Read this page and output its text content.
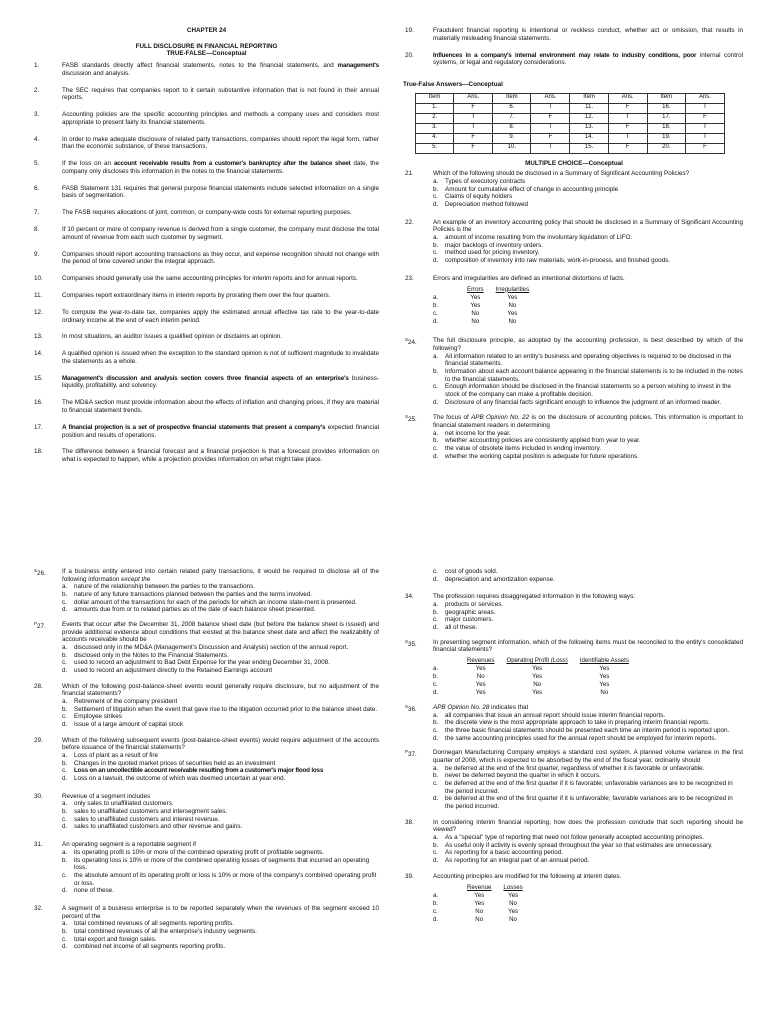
CHAPTER 24
FULL DISCLOSURE IN FINANCIAL REPORTING
TRUE-FALSE—Conceptual
1.	FASB standards directly affect financial statements, notes to the financial statements, and management's discussion and analysis.
2.	The SEC requires that companies report to it certain substantive information that is not found in their annual reports.
3.	Accounting policies are the specific accounting principles and methods a company uses and considers most appropriate to present fairly its financial statements.
4.	In order to make adequate disclosure of related party transactions, companies should report the legal form, rather than the economic substance, of these transactions.
5.	If the loss on an account receivable results from a customer's bankruptcy after the balance sheet date, the company only discloses this information in the notes to the financial statements.
6.	FASB Statement 131 requires that general purpose financial statements include selected information on a single basis of segmentation.
7.	The FASB requires allocations of joint, common, or company-wide costs for external reporting purposes.
8.	If 10 percent or more of company revenue is derived from a single customer, the company must disclose the total amount of revenue from each such customer by segment.
9.	Companies should report accounting transactions as they occur, and expense recognition should not change with the period of time covered under the integral approach.
10.	Companies should generally use the same accounting principles for interim reports and for annual reports.
11.	Companies report extraordinary items in interim reports by prorating them over the four quarters.
12.	To compute the year-to-date tax, companies apply the estimated annual effective tax rate to the year-to-date ordinary income at the end of each interim period.
13.	In most situations, an auditor issues a qualified opinion or disclaims an opinion.
14.	A qualified opinion is issued when the exception to the standard opinion is not of sufficient magnitude to invalidate the statements as a whole.
15.	Management's discussion and analysis section covers three financial aspects of an enterprise's business-liquidity, profitability, and solvency.
16.	The MD&A section must provide information about the effects of inflation and changing prices, if they are material to financial statement trends.
17.	A financial projection is a set of prospective financial statements that present a company's expected financial position and results of operations.
18.	The difference between a financial forecast and a financial projection is that a forecast provides information on what is expected to happen, while a projection provides information on what might take place.
19.	Fraudulent financial reporting is intentional or reckless conduct, whether act or omission, that results in materially misleading financial statements.
20.	Influences in a company's internal environment may relate to industry conditions, poor internal control systems, or legal and regulatory considerations.
True-False Answers—Conceptual
Item	Ans.	Item	Ans.	Item	Ans.	Item	Ans.
1.	F	6.	T	11.	F	16.	T
2.	T	7.	F	12.	T	17.	F
3.	T	8.	T	13.	F	18.	T
4.	F	9.	F	14.	T	19.	T
5.	F	10.	T	15.	F	20.	F
MULTIPLE CHOICE—Conceptual
21.	Which of the following should be disclosed in a Summary of Significant Accounting Policies?
a. Types of executory contracts
b. Amount for cumulative effect of change in accounting principle
c. Claims of equity holders
d. Depreciation method followed
22.	An example of an inventory accounting policy that should be disclosed in a Summary of Significant Accounting Policies is the
a. amount of income resulting from the involuntary liquidation of LIFO.
b. major backlogs of inventory orders.
c. method used for pricing inventory.
d. composition of inventory into raw materials, work-in-process, and finished goods.
23.	Errors and irregularities are defined as intentional distortions of facts.
	Errors	Irregularities
a.	Yes	Yes
b.	Yes	No
c.	No	Yes
d.	No	No
$^S$24.	The full disclosure principle, as adopted by the accounting profession, is best described by which of the following?
a. All information related to an entity's business and operating objectives is required to be disclosed in the financial statements.
b. Information about each account balance appearing in the financial statements is to be included in the notes to the financial statements.
c. Enough information should be disclosed in the financial statements so a person wishing to invest in the stock of the company can make a profitable decision.
d. Disclosure of any financial facts significant enough to influence the judgment of an informed reader.
$^S$25.	The focus of APB Opinion No. 22 is on the disclosure of accounting policies. This information is important to financial statement readers in determining
a. net income for the year.
b. whether accounting policies are consistently applied from year to year.
c. the value of obsolete items included in ending inventory.
d. whether the working capital position is adequate for future operations.
$^S$26.	If a business entity entered into certain related party transactions, it would be required to disclose all of the following information except the
a. nature of the relationship between the parties to the transactions.
b. nature of any future transactions planned between the parties and the terms involved.
c. dollar amount of the transactions for each of the periods for which an income state-ment is presented.
d. amounts due from or to related parties as of the date of each balance sheet presented.
$^P$27.	Events that occur after the December 31, 2008 balance sheet date (but before the balance sheet is issued) and provide additional evidence about conditions that existed at the balance sheet date and affect the realizability of accounts receivable should be
a. discussed only in the MD&A (Management's Discussion and Analysis) section of the annual report.
b. disclosed only in the Notes to the Financial Statements.
c. used to record an adjustment to Bad Debt Expense for the year ending December 31, 2008.
d. used to record an adjustment directly to the Retained Earnings account
28.	Which of the following post-balance-sheet events would generally require disclosure, but no adjustment of the financial statements?
a. Retirement of the company president
b. Settlement of litigation when the event that gave rise to the litigation occurred prior to the balance sheet date.
c. Employee strikes
d. Issue of a large amount of capital stock
29.	Which of the following subsequent events (post-balance-sheet events) would require adjustment of the accounts before issuance of the financial statements?
a. Loss of plant as a result of fire
b. Changes in the quoted market prices of securities held as an investment
c. Loss on an uncollectible account receivable resulting from a customer's major flood loss
d. Loss on a lawsuit, the outcome of which was deemed uncertain at year end.
30.	Revenue of a segment includes
a. only sales to unaffiliated customers.
b. sales to unaffiliated customers and intersegment sales.
c. sales to unaffiliated customers and interest revenue.
d. sales to unaffiliated customers and other revenue and gains.
31.	An operating segment is a reportable segment if
a. its operating profit is 10% or more of the combined operating profit of profitable segments.
b. its operating loss is 10% or more of the combined operating losses of segments that incurred an operating loss.
c. the absolute amount of its operating profit or loss is 10% or more of the company's combined operating profit or loss.
d. none of these.
32.	A segment of a business enterprise is to be reported separately when the revenues of the segment exceed 10 percent of the
a. total combined revenues of all segments reporting profits.
b. total combined revenues of all the enterprise's industry segments.
c. total export and foreign sales.
d. combined net income of all segments reporting profits.
c. cost of goods sold.
d. depreciation and amortization expense.
34.	The profession requires disaggregated information in the following ways:
a. products or services.
b. geographic areas.
c. major customers.
d. all of these.
$^S$35.	In presenting segment information, which of the following items must be reconciled to the entity's consolidated financial statements?
	Revenues	Operating Profit (Loss)	Identifiable Assets
a.	Yes	Yes	Yes
b.	No	Yes	Yes
c.	Yes	No	Yes
d.	Yes	Yes	No
$^S$36.	APB Opinion No. 28 indicates that
a. all companies that issue an annual report should issue interim financial reports.
b. the discrete view is the most appropriate approach to take in preparing interim financial reports.
c. the three basic financial statements should be presented each time an interim period is reported upon.
d. the same accounting principles used for the annual report should be employed for interim reports.
$^P$37.	Donnegan Manufacturing Company employs a standard cost system. A planned volume variance in the first quarter of 2008, which is expected to be absorbed by the end of the fiscal year, ordinarily should
a. be deferred at the end of the first quarter, regardless of whether it is favorable or unfavorable.
b. never be deferred beyond the quarter in which it occurs.
c. be deferred at the end of the first quarter if it is favorable; unfavorable variances are to be recognized in the period incurred.
d. be deferred at the end of the first quarter if it is unfavorable; favorable variances are to be recognized in the period incurred.
38.	In considering interim financial reporting, how does the profession conclude that such reporting should be viewed?
a. As a "special" type of reporting that need not follow generally accepted accounting principles.
b. As useful only if activity is evenly spread throughout the year so that estimates are unnecessary.
c. As reporting for a basic accounting period.
d. As reporting for an integral part of an annual period.
39.	Accounting principles are modified for the following at interim dates.
	Revenue	Losses
a.	Yes	Yes
b.	Yes	No
c.	No	Yes
d.	No	No
